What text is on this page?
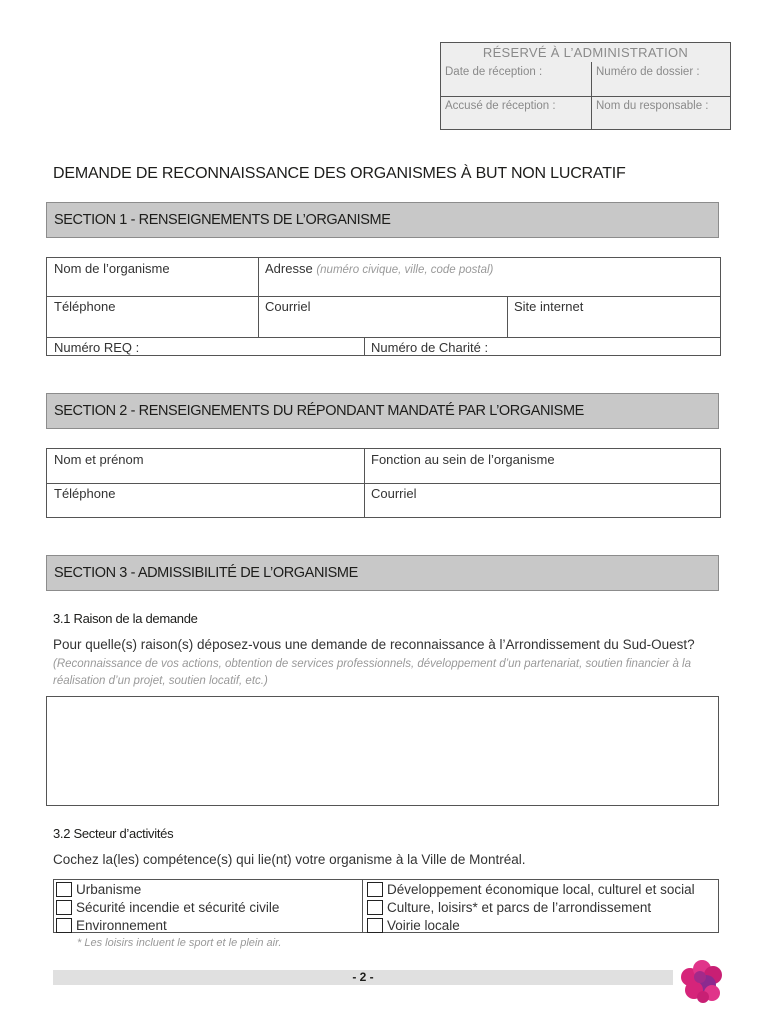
RÉSERVÉ À L’ADMINISTRATION
Date de réception :	Numéro de dossier :
Accusé de réception :	Nom du responsable :
DEMANDE DE RECONNAISSANCE DES ORGANISMES À BUT NON LUCRATIF
SECTION 1 - RENSEIGNEMENTS DE L’ORGANISME
Nom de l’organisme	Adresse (numéro civique, ville, code postal)
Téléphone	Courriel	Site internet
Numéro REQ :	Numéro de Charité :
SECTION 2 - RENSEIGNEMENTS DU RÉPONDANT MANDATÉ PAR L’ORGANISME
Nom et prénom	Fonction au sein de l’organisme
Téléphone	Courriel
SECTION 3 - ADMISSIBILITÉ DE L’ORGANISME
3.1 Raison de la demande
Pour quelle(s) raison(s) déposez-vous une demande de reconnaissance à l’Arrondissement du Sud-Ouest?
(Reconnaissance de vos actions, obtention de services professionnels, développement d’un partenariat, soutien financier à la
réalisation d’un projet, soutien locatif, etc.)
3.2 Secteur d’activités
Cochez la(les) compétence(s) qui lie(nt) votre organisme à la Ville de Montréal.
Urbanisme
Sécurité incendie et sécurité civile
Environnement
Développement économique local, culturel et social
Culture, loisirs* et parcs de l’arrondissement
Voirie locale
* Les loisirs incluent le sport et le plein air.
- 2 -
